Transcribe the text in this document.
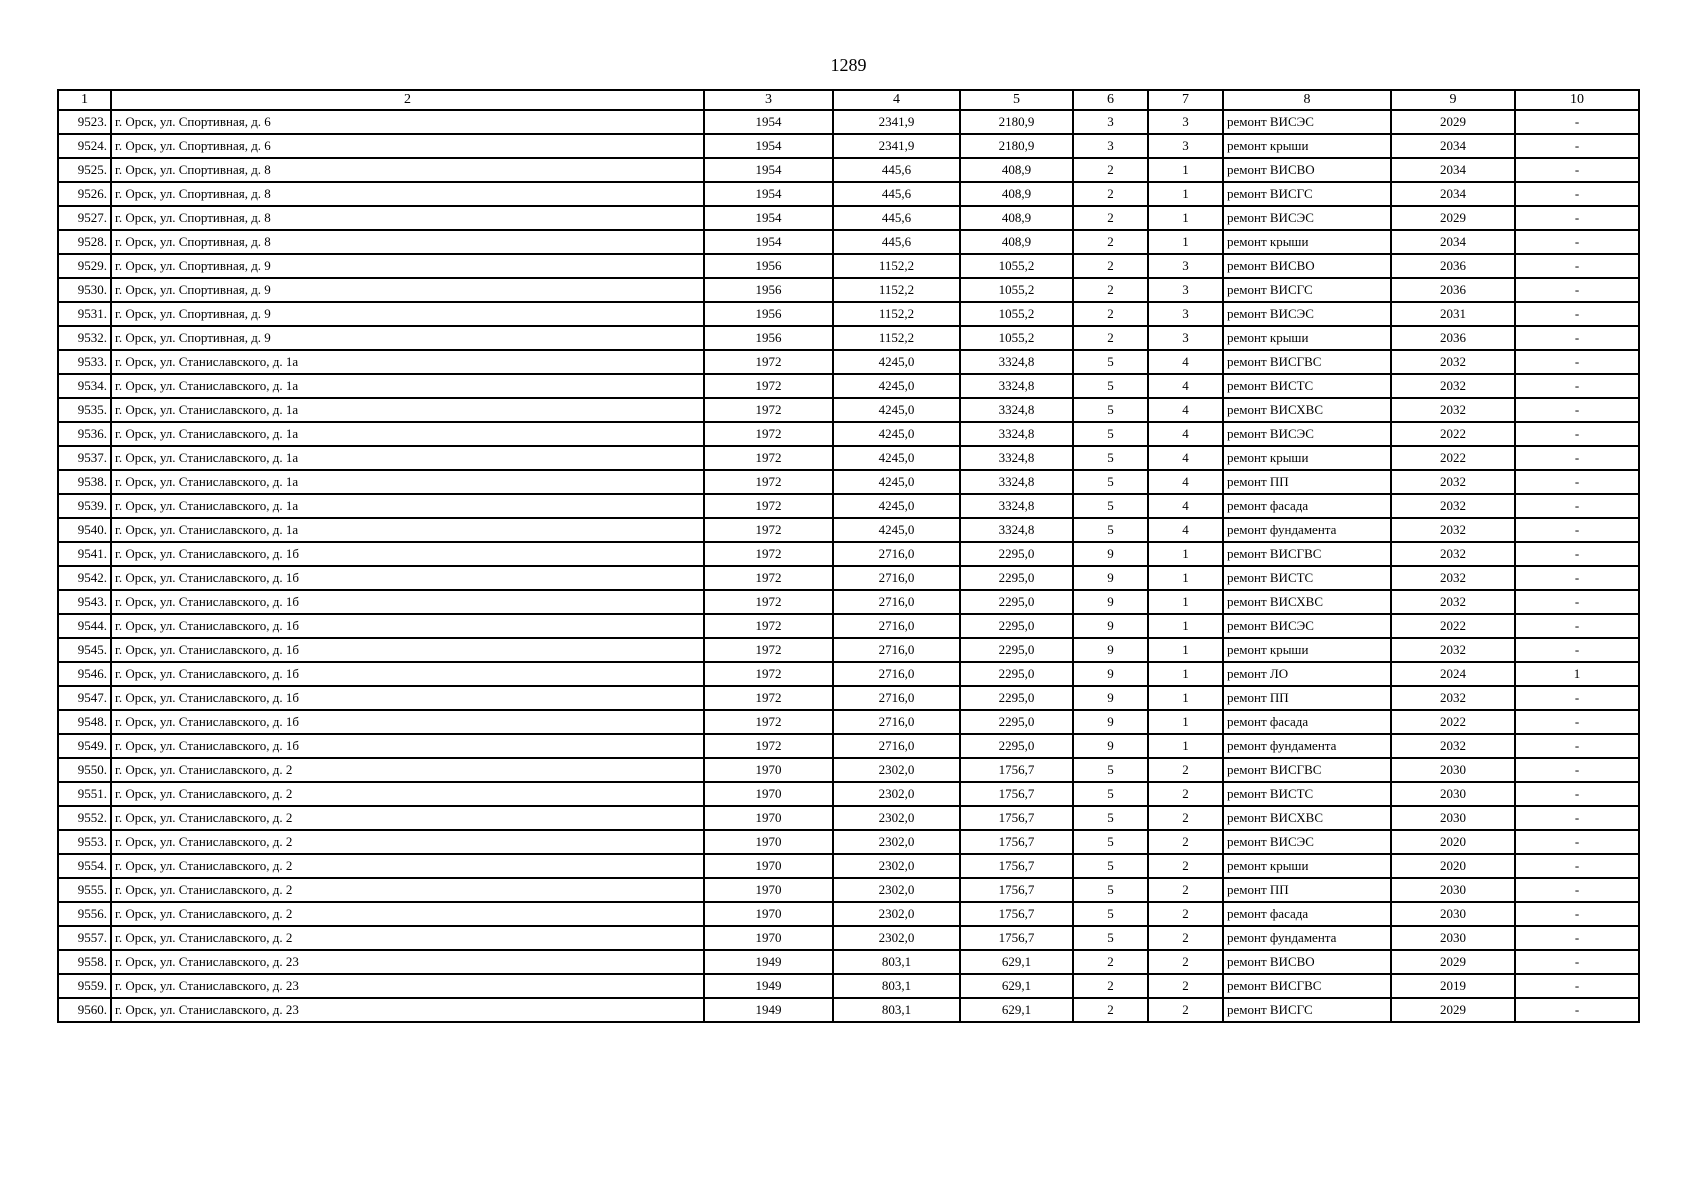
1289
1	2	3	4	5	6	7	8	9	10
9523.	г. Орск, ул. Спортивная, д. 6	1954	2341,9	2180,9	3	3	ремонт ВИСЭС	2029	-
9524.	г. Орск, ул. Спортивная, д. 6	1954	2341,9	2180,9	3	3	ремонт крыши	2034	-
9525.	г. Орск, ул. Спортивная, д. 8	1954	445,6	408,9	2	1	ремонт ВИСВО	2034	-
9526.	г. Орск, ул. Спортивная, д. 8	1954	445,6	408,9	2	1	ремонт ВИСГС	2034	-
9527.	г. Орск, ул. Спортивная, д. 8	1954	445,6	408,9	2	1	ремонт ВИСЭС	2029	-
9528.	г. Орск, ул. Спортивная, д. 8	1954	445,6	408,9	2	1	ремонт крыши	2034	-
9529.	г. Орск, ул. Спортивная, д. 9	1956	1152,2	1055,2	2	3	ремонт ВИСВО	2036	-
9530.	г. Орск, ул. Спортивная, д. 9	1956	1152,2	1055,2	2	3	ремонт ВИСГС	2036	-
9531.	г. Орск, ул. Спортивная, д. 9	1956	1152,2	1055,2	2	3	ремонт ВИСЭС	2031	-
9532.	г. Орск, ул. Спортивная, д. 9	1956	1152,2	1055,2	2	3	ремонт крыши	2036	-
9533.	г. Орск, ул. Станиславского, д. 1а	1972	4245,0	3324,8	5	4	ремонт ВИСГВС	2032	-
9534.	г. Орск, ул. Станиславского, д. 1а	1972	4245,0	3324,8	5	4	ремонт ВИСТС	2032	-
9535.	г. Орск, ул. Станиславского, д. 1а	1972	4245,0	3324,8	5	4	ремонт ВИСХВС	2032	-
9536.	г. Орск, ул. Станиславского, д. 1а	1972	4245,0	3324,8	5	4	ремонт ВИСЭС	2022	-
9537.	г. Орск, ул. Станиславского, д. 1а	1972	4245,0	3324,8	5	4	ремонт крыши	2022	-
9538.	г. Орск, ул. Станиславского, д. 1а	1972	4245,0	3324,8	5	4	ремонт ПП	2032	-
9539.	г. Орск, ул. Станиславского, д. 1а	1972	4245,0	3324,8	5	4	ремонт фасада	2032	-
9540.	г. Орск, ул. Станиславского, д. 1а	1972	4245,0	3324,8	5	4	ремонт фундамента	2032	-
9541.	г. Орск, ул. Станиславского, д. 1б	1972	2716,0	2295,0	9	1	ремонт ВИСГВС	2032	-
9542.	г. Орск, ул. Станиславского, д. 1б	1972	2716,0	2295,0	9	1	ремонт ВИСТС	2032	-
9543.	г. Орск, ул. Станиславского, д. 1б	1972	2716,0	2295,0	9	1	ремонт ВИСХВС	2032	-
9544.	г. Орск, ул. Станиславского, д. 1б	1972	2716,0	2295,0	9	1	ремонт ВИСЭС	2022	-
9545.	г. Орск, ул. Станиславского, д. 1б	1972	2716,0	2295,0	9	1	ремонт крыши	2032	-
9546.	г. Орск, ул. Станиславского, д. 1б	1972	2716,0	2295,0	9	1	ремонт ЛО	2024	1
9547.	г. Орск, ул. Станиславского, д. 1б	1972	2716,0	2295,0	9	1	ремонт ПП	2032	-
9548.	г. Орск, ул. Станиславского, д. 1б	1972	2716,0	2295,0	9	1	ремонт фасада	2022	-
9549.	г. Орск, ул. Станиславского, д. 1б	1972	2716,0	2295,0	9	1	ремонт фундамента	2032	-
9550.	г. Орск, ул. Станиславского, д. 2	1970	2302,0	1756,7	5	2	ремонт ВИСГВС	2030	-
9551.	г. Орск, ул. Станиславского, д. 2	1970	2302,0	1756,7	5	2	ремонт ВИСТС	2030	-
9552.	г. Орск, ул. Станиславского, д. 2	1970	2302,0	1756,7	5	2	ремонт ВИСХВС	2030	-
9553.	г. Орск, ул. Станиславского, д. 2	1970	2302,0	1756,7	5	2	ремонт ВИСЭС	2020	-
9554.	г. Орск, ул. Станиславского, д. 2	1970	2302,0	1756,7	5	2	ремонт крыши	2020	-
9555.	г. Орск, ул. Станиславского, д. 2	1970	2302,0	1756,7	5	2	ремонт ПП	2030	-
9556.	г. Орск, ул. Станиславского, д. 2	1970	2302,0	1756,7	5	2	ремонт фасада	2030	-
9557.	г. Орск, ул. Станиславского, д. 2	1970	2302,0	1756,7	5	2	ремонт фундамента	2030	-
9558.	г. Орск, ул. Станиславского, д. 23	1949	803,1	629,1	2	2	ремонт ВИСВО	2029	-
9559.	г. Орск, ул. Станиславского, д. 23	1949	803,1	629,1	2	2	ремонт ВИСГВС	2019	-
9560.	г. Орск, ул. Станиславского, д. 23	1949	803,1	629,1	2	2	ремонт ВИСГС	2029	-
